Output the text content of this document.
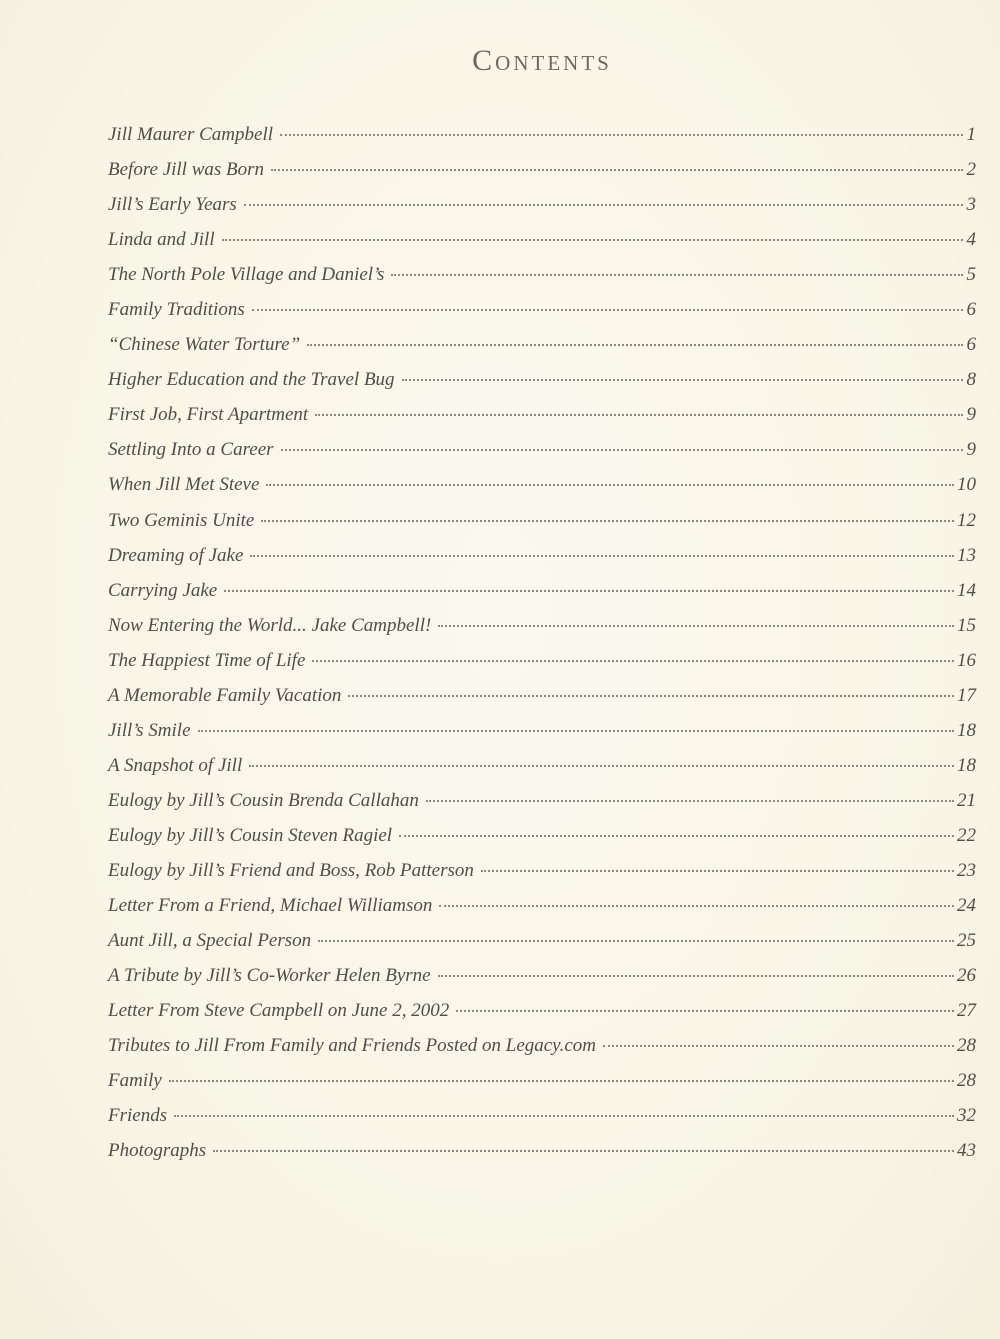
Contents
Jill Maurer Campbell	1
Before Jill was Born	2
Jill’s Early Years	3
Linda and Jill	4
The North Pole Village and Daniel’s	5
Family Traditions	6
“Chinese Water Torture”	6
Higher Education and the Travel Bug	8
First Job, First Apartment	9
Settling Into a Career	9
When Jill Met Steve	10
Two Geminis Unite	12
Dreaming of Jake	13
Carrying Jake	14
Now Entering the World... Jake Campbell!	15
The Happiest Time of Life	16
A Memorable Family Vacation	17
Jill’s Smile	18
A Snapshot of Jill	18
Eulogy by Jill’s Cousin Brenda Callahan	21
Eulogy by Jill’s Cousin Steven Ragiel	22
Eulogy by Jill’s Friend and Boss, Rob Patterson	23
Letter From a Friend, Michael Williamson	24
Aunt Jill, a Special Person	25
A Tribute by Jill’s Co-Worker Helen Byrne	26
Letter From Steve Campbell on June 2, 2002	27
Tributes to Jill From Family and Friends Posted on Legacy.com	28
Family	28
Friends	32
Photographs	43
